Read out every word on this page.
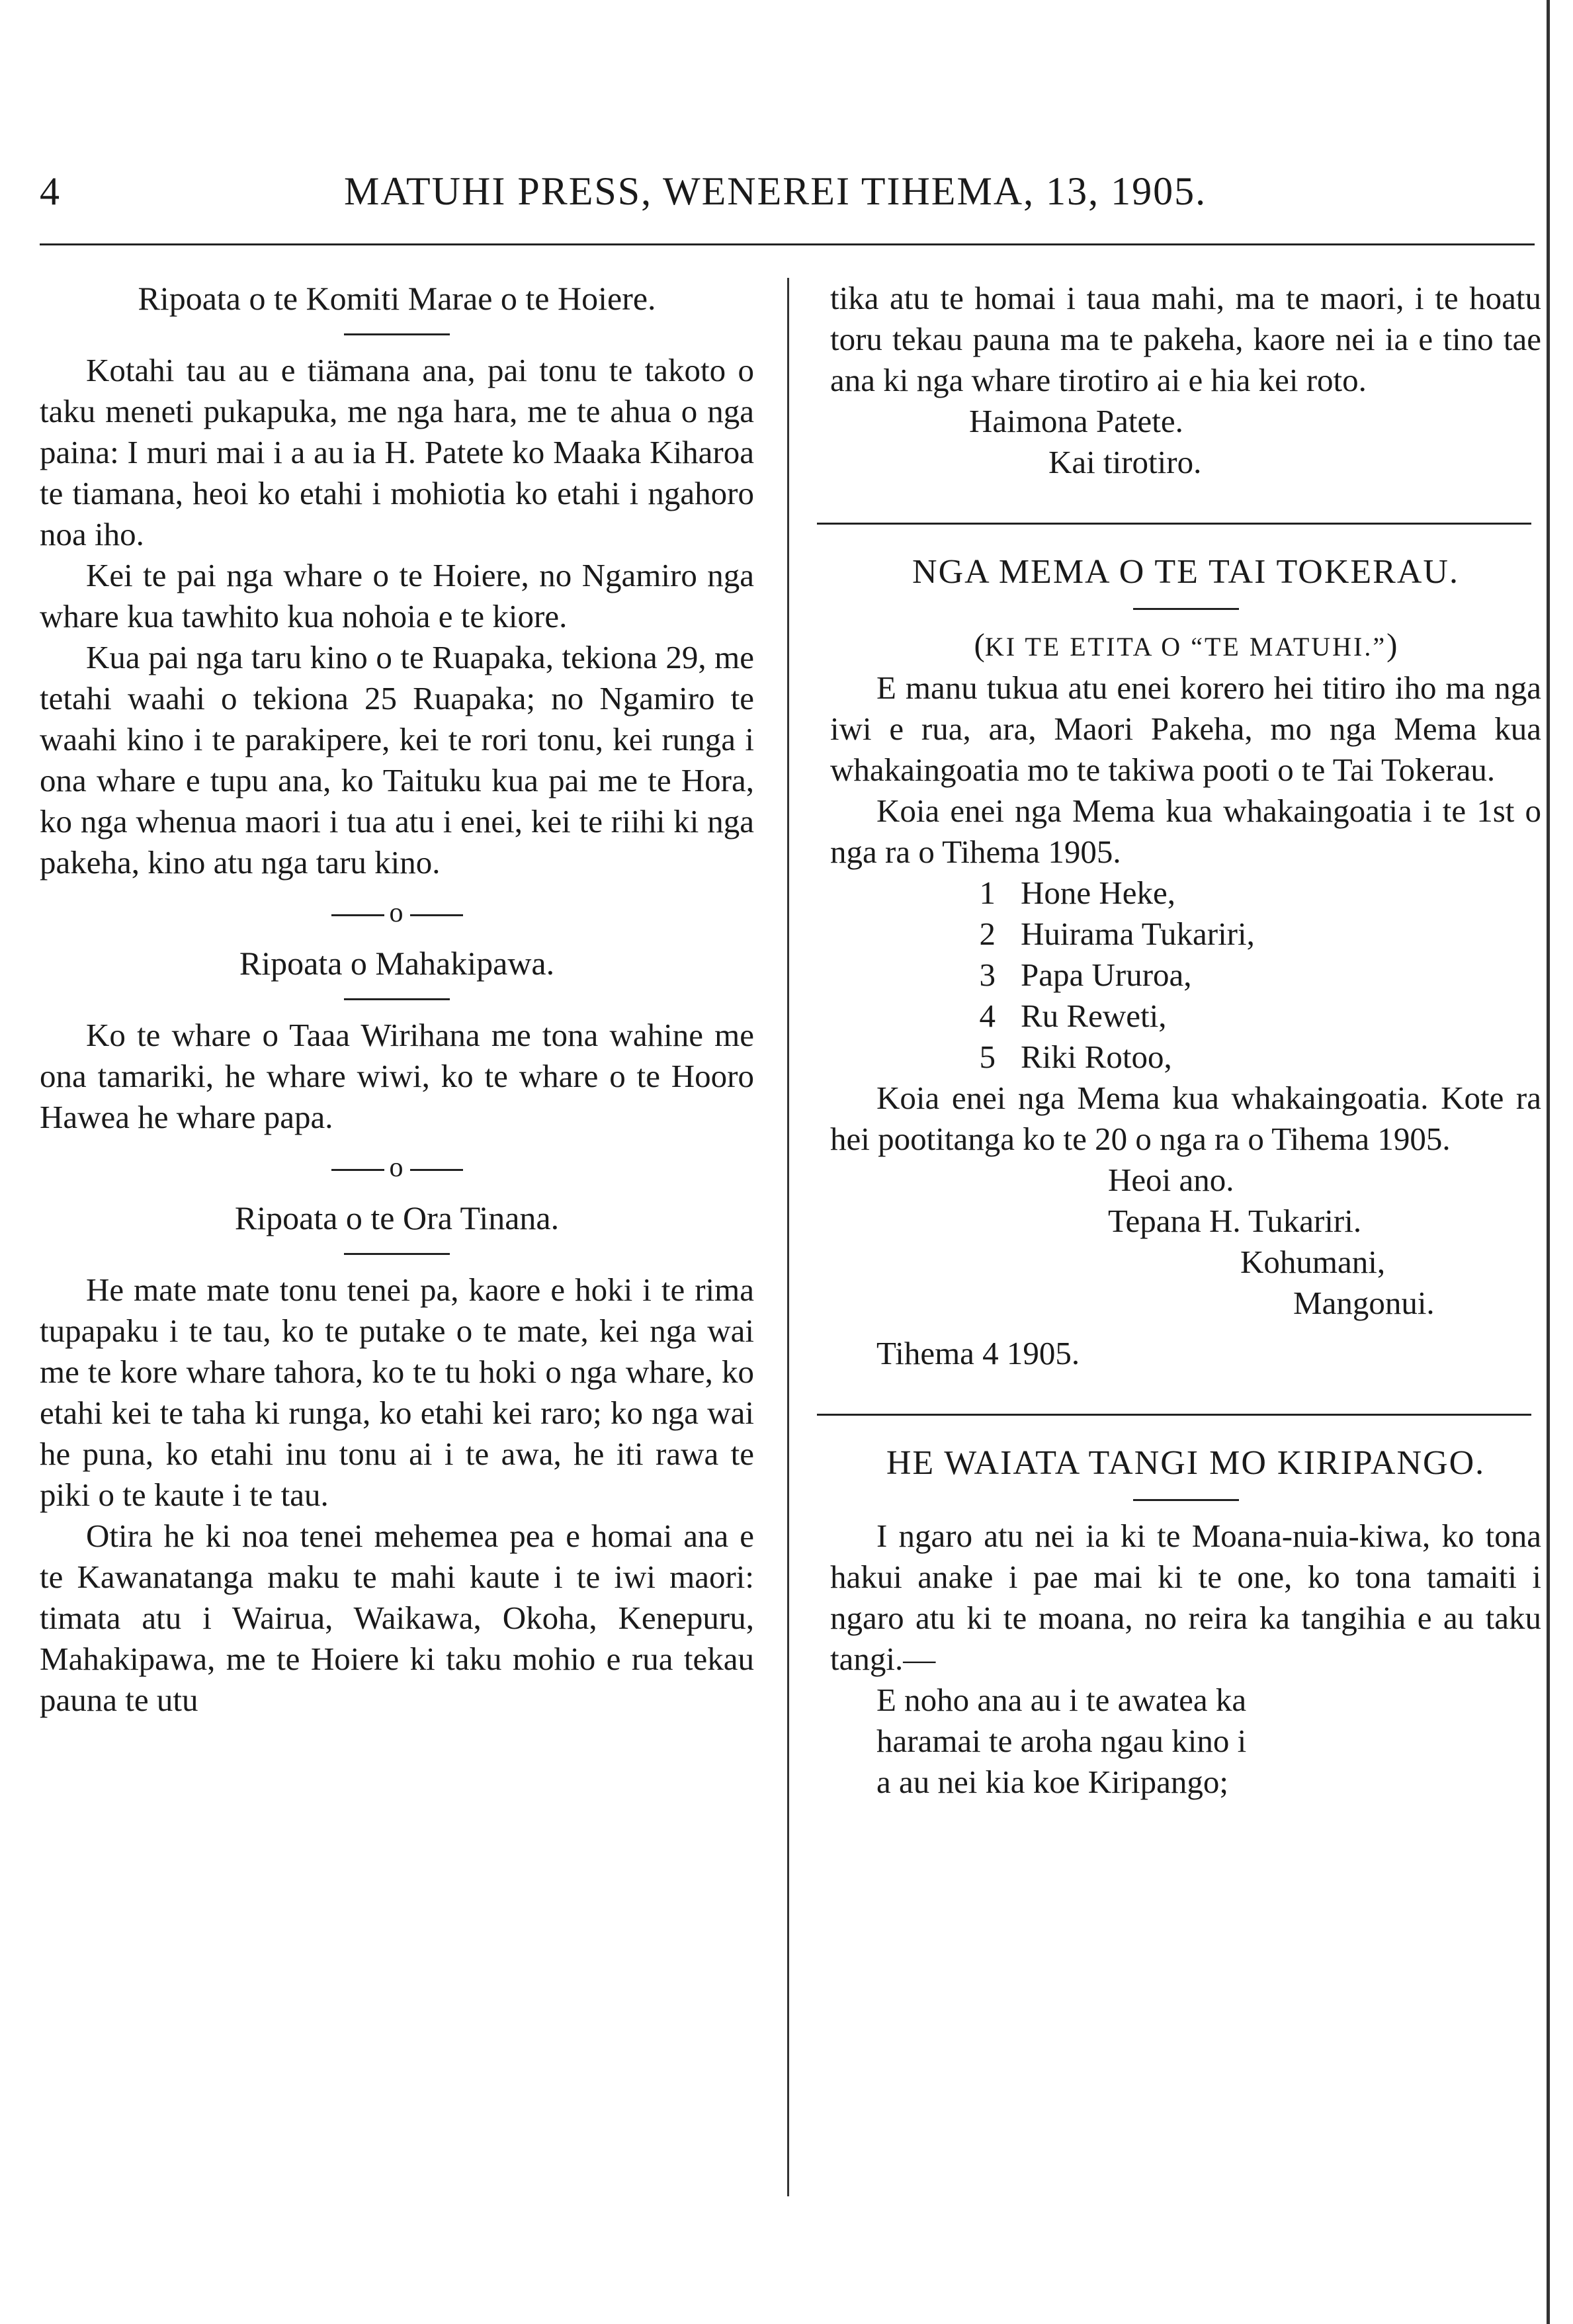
4	MATUHI PRESS, WENEREI TIHEMA, 13, 1905.
Ripoata o te Komiti Marae o te Hoiere.

Kotahi tau au e tiämana ana, pai tonu te takoto o taku meneti pukapuka, me nga hara, me te ahua o nga paina: I muri mai i a au ia H. Patete ko Maaka Kiharoa te tiamana, heoi ko etahi i mohiotia ko etahi i ngahoro noa iho.

Kei te pai nga whare o te Hoiere, no Ngamiro nga whare kua tawhito kua nohoia e te kiore.

Kua pai nga taru kino o te Ruapaka, tekiona 29, me tetahi waahi o tekiona 25 Ruapaka; no Ngamiro te waahi kino i te parakipere, kei te rori tonu, kei runga i ona whare e tupu ana, ko Taituku kua pai me te Hora, ko nga whenua maori i tua atu i enei, kei te riihi ki nga pakeha, kino atu nga taru kino.

o
Ripoata o Mahakipawa.

Ko te whare o Taaa Wirihana me tona wahine me ona tamariki, he whare wiwi, ko te whare o te Hooro Hawea he whare papa.

o
Ripoata o te Ora Tinana.

He mate mate tonu tenei pa, kaore e hoki i te rima tupapaku i te tau, ko te putake o te mate, kei nga wai me te kore whare tahora, ko te tu hoki o nga whare, ko etahi kei te taha ki runga, ko etahi kei raro; ko nga wai he puna, ko etahi inu tonu ai i te awa, he iti rawa te piki o te kaute i te tau.

Otira he ki noa tenei mehemea pea e homai ana e te Kawanatanga maku te mahi kaute i te iwi maori: timata atu i Wairua, Waikawa, Okoha, Kenepuru, Mahakipawa, me te Hoiere ki taku mohio e rua tekau pauna te utu

tika atu te homai i taua mahi, ma te maori, i te hoatu toru tekau pauna ma te pakeha, kaore nei ia e tino tae ana ki nga whare tirotiro ai e hia kei roto.

Haimona Patete.

Kai tirotiro.

NGA MEMA O TE TAI TOKERAU.

(KI TE ETITA O “TE MATUHI.”)

E manu tukua atu enei korero hei titiro iho ma nga iwi e rua, ara, Maori Pakeha, mo nga Mema kua whakaingoatia mo te takiwa pooti o te Tai Tokerau.

Koia enei nga Mema kua whakaingoatia i te 1st o nga ra o Tihema 1905.

1 Hone Heke,
2 Huirama Tukariri,
3 Papa Ururoa,
4 Ru Reweti,
5 Riki Rotoo,

Koia enei nga Mema kua whakaingoatia. Kote ra hei pootitanga ko te 20 o nga ra o Tihema 1905.

Heoi ano.

Tepana H. Tukariri.

Kohumani,

Mangonui.

Tihema 4 1905.

HE WAIATA TANGI MO KIRIPANGO.

I ngaro atu nei ia ki te Moana-nuia-kiwa, ko tona hakui anake i pae mai ki te one, ko tona tamaiti i ngaro atu ki te moana, no reira ka tangihia e au taku tangi.—

E noho ana au i te awatea ka

haramai te aroha ngau kino i

a au nei kia koe Kiripango;
